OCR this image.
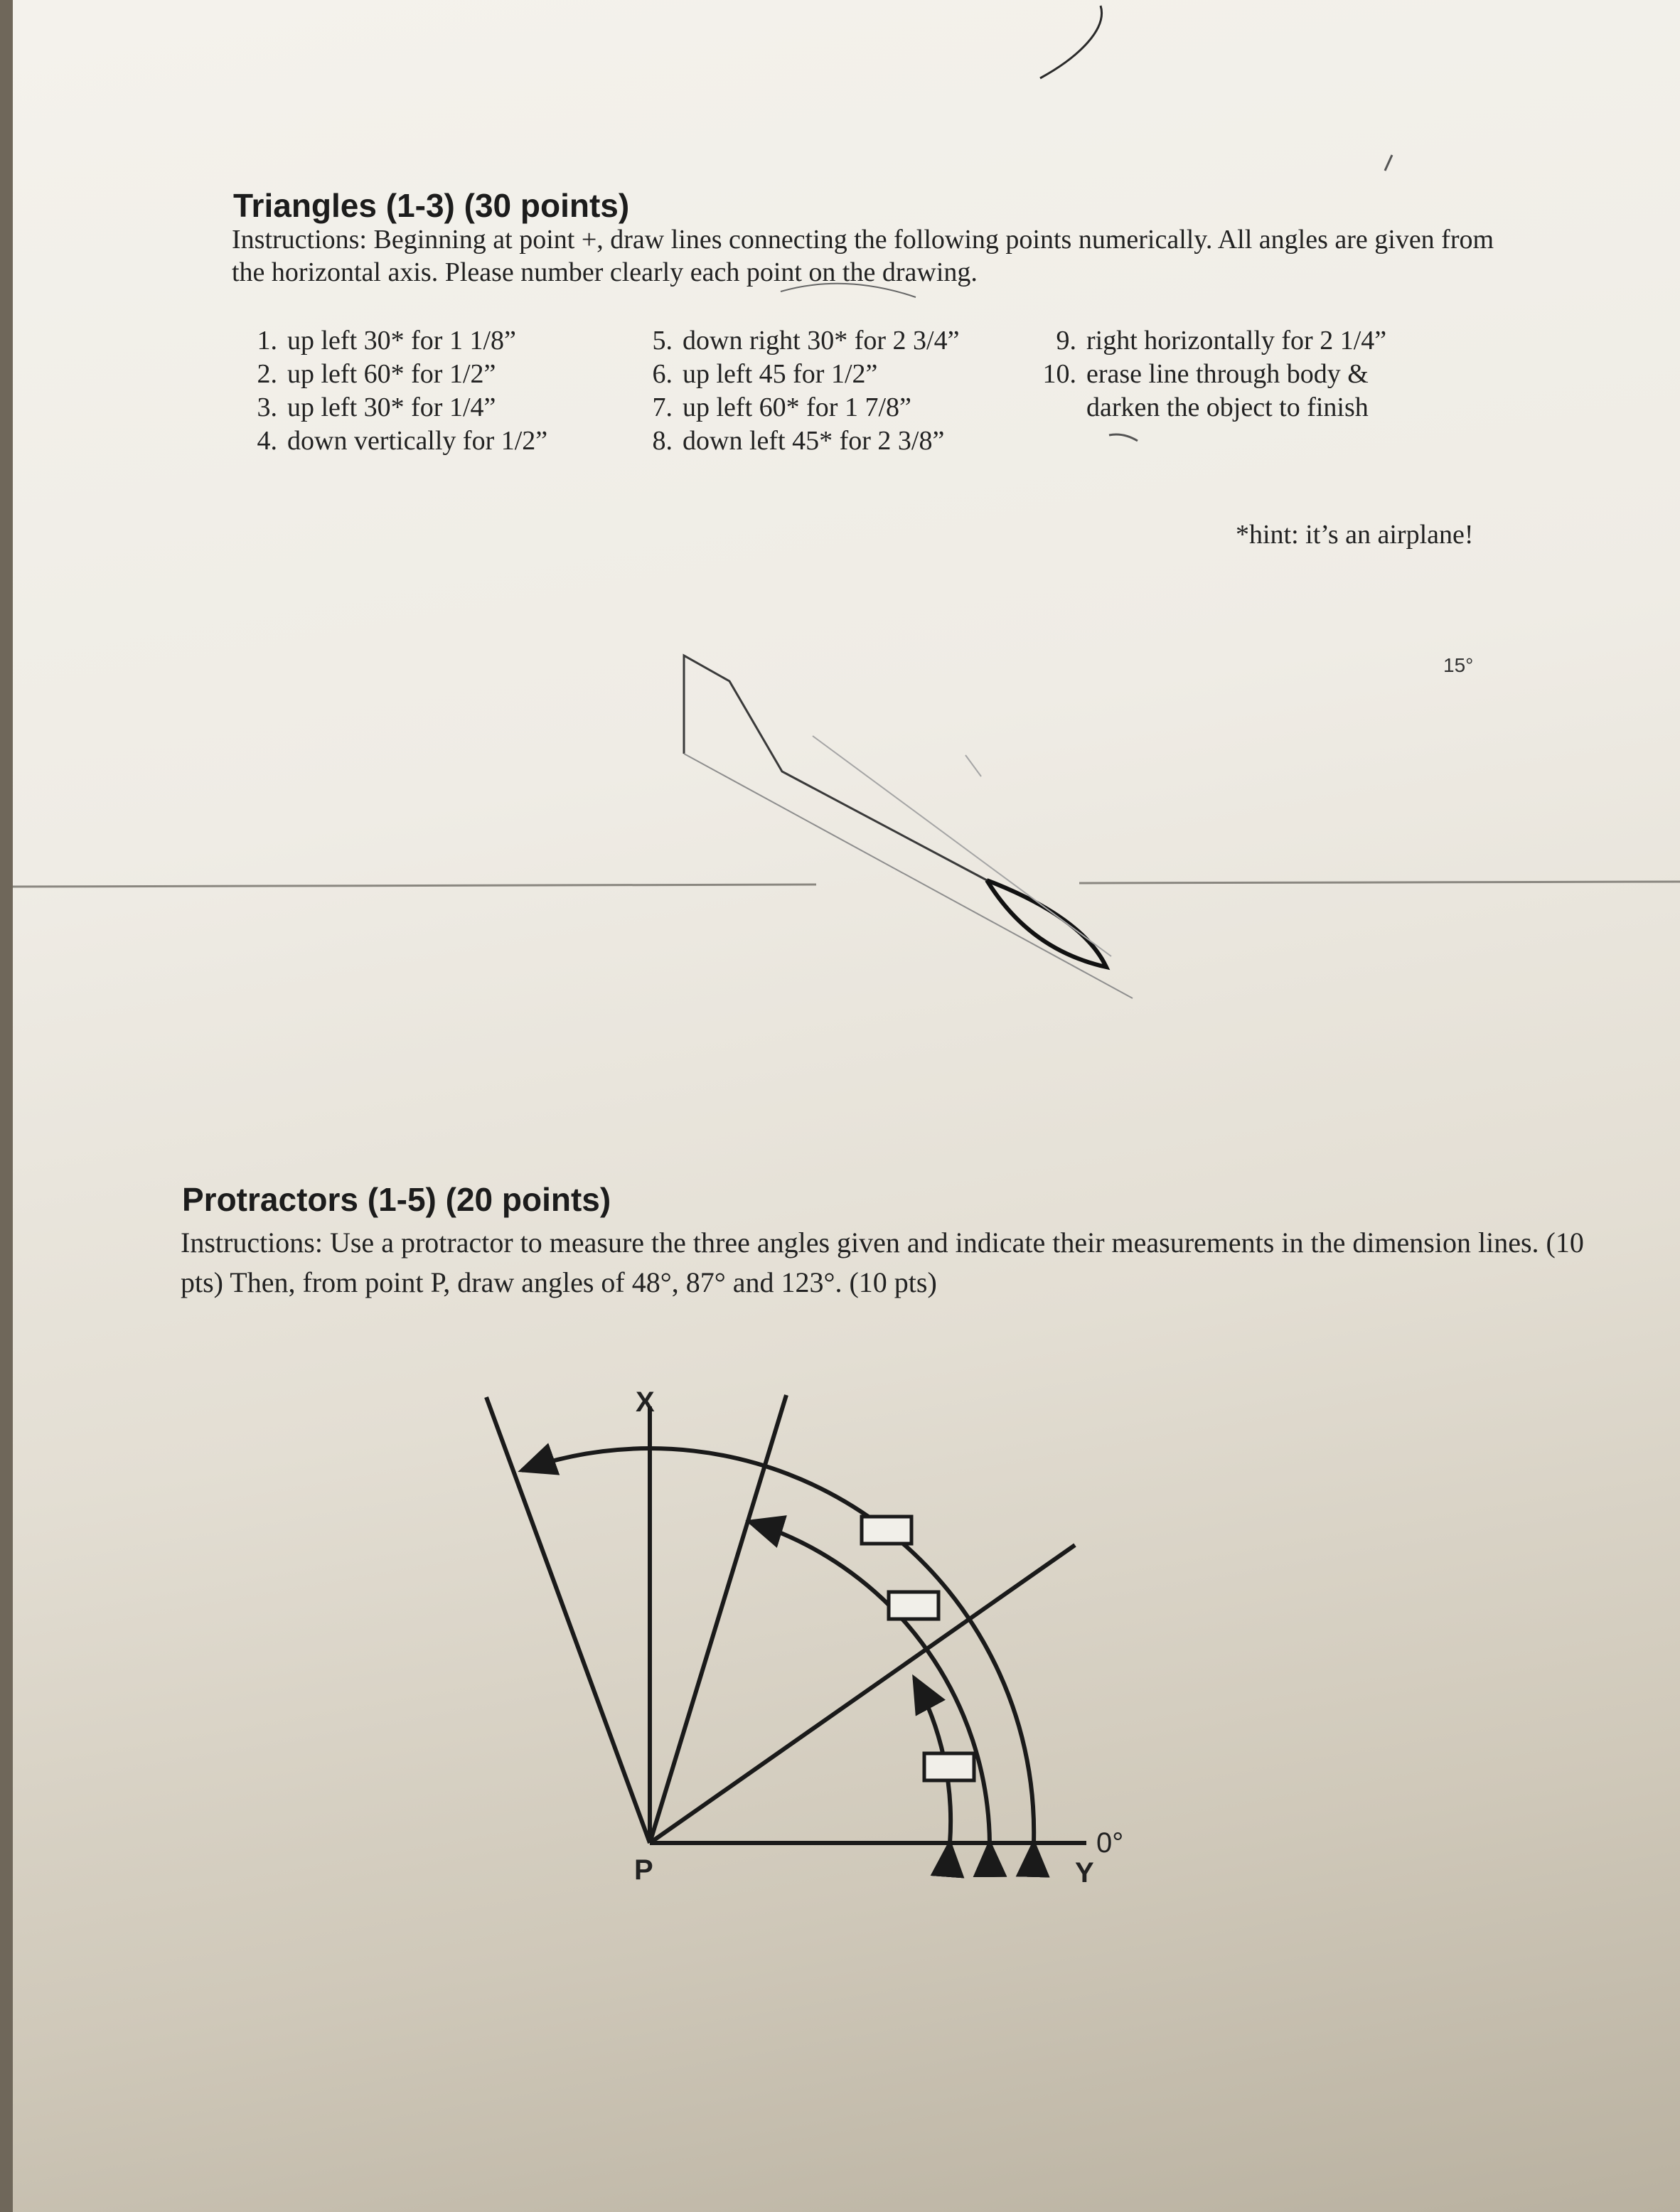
Triangles (1-3) (30 points)

Instructions: Beginning at point +, draw lines connecting the following points numerically. All angles are given from the horizontal axis. Please number clearly each point on the drawing.

1. up left 30* for 1 1/8”
2. up left 60* for 1/2”
3. up left 30* for 1/4”
4. down vertically for 1/2”
5. down right 30* for 2 3/4”
6. up left 45 for 1/2”
7. up left 60* for 1 7/8”
8. down left 45* for 2 3/8”
9. right horizontally for 2 1/4”
10. erase line through body & darken the object to finish
*hint: it’s an airplane!
15°
Protractors (1-5) (20 points)

Instructions: Use a protractor to measure the three angles given and indicate their measurements in the dimension lines. (10 pts) Then, from point P, draw angles of 48°, 87° and 123°. (10 pts)

X
P	Y
0°
